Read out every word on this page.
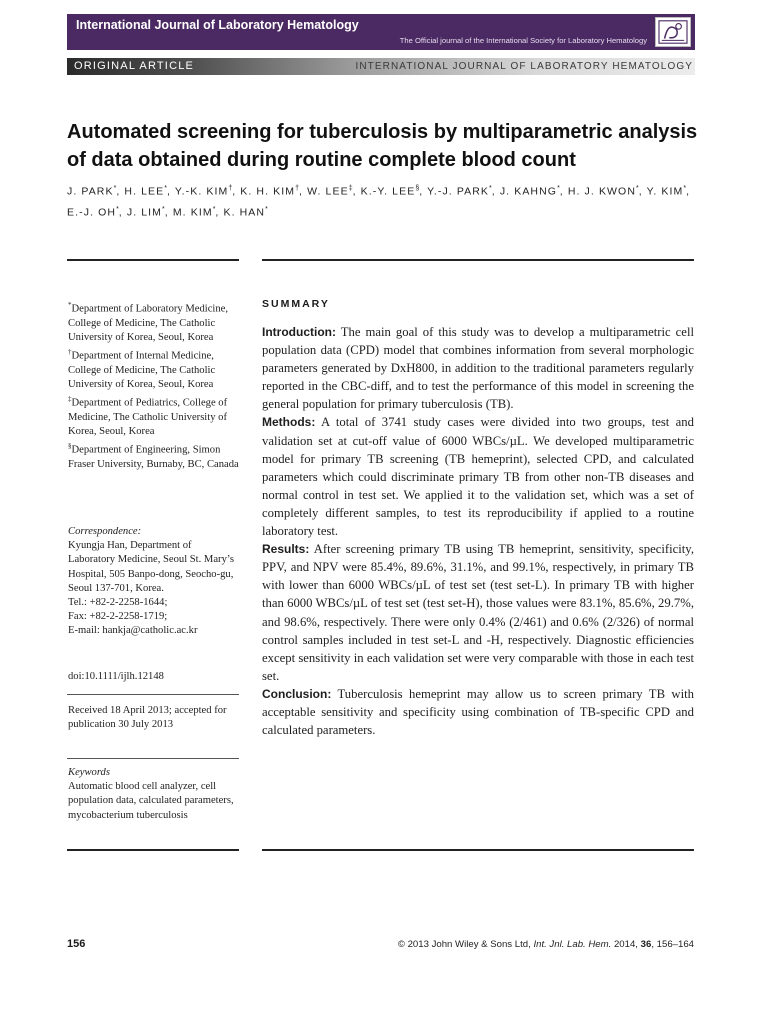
International Journal of Laboratory Hematology
The Official journal of the International Society for Laboratory Hematology
ORIGINAL ARTICLE	INTERNATIONAL JOURNAL OF LABORATORY HEMATOLOGY
Automated screening for tuberculosis by multiparametric analysis
of data obtained during routine complete blood count
J. PARK*, H. LEE*, Y.-K. KIM†, K. H. KIM†, W. LEE‡, K.-Y. LEE§, Y.-J. PARK*, J. KAHNG*, H. J. KWON*, Y. KIM*, E.-J. OH*, J. LIM*, M. KIM*, K. HAN*

*Department of Laboratory Medicine, College of Medicine, The Catholic University of Korea, Seoul, Korea

†Department of Internal Medicine, College of Medicine, The Catholic University of Korea, Seoul, Korea

‡Department of Pediatrics, College of Medicine, The Catholic University of Korea, Seoul, Korea

§Department of Engineering, Simon Fraser University, Burnaby, BC, Canada

Correspondence:

Kyungja Han, Department of Laboratory Medicine, Seoul St. Mary’s Hospital, 505 Banpo-dong, Seocho-gu, Seoul 137-701, Korea.

Tel.: +82-2-2258-1644;

Fax: +82-2-2258-1719;

E-mail: hankja@catholic.ac.kr

doi:10.1111/ijlh.12148

Received 18 April 2013; accepted for publication 30 July 2013

Keywords

Automatic blood cell analyzer, cell population data, calculated parameters, mycobacterium tuberculosis

SUMMARY

Introduction: The main goal of this study was to develop a multiparametric cell population data (CPD) model that combines information from several morphologic parameters generated by DxH800, in addition to the traditional parameters regularly reported in the CBC-diff, and to test the performance of this model in screening the general population for primary tuberculosis (TB).

Methods: A total of 3741 study cases were divided into two groups, test and validation set at cut-off value of 6000 WBCs/µL. We developed multiparametric model for primary TB screening (TB hemeprint), selected CPD, and calculated parameters which could discriminate primary TB from other non-TB diseases and normal control in test set. We applied it to the validation set, which was a set of completely different samples, to test its reproducibility if applied to a routine laboratory test.

Results: After screening primary TB using TB hemeprint, sensitivity, specificity, PPV, and NPV were 85.4%, 89.6%, 31.1%, and 99.1%, respectively, in primary TB with lower than 6000 WBCs/µL of test set (test set-L). In primary TB with higher than 6000 WBCs/µL of test set (test set-H), those values were 83.1%, 85.6%, 29.7%, and 98.6%, respectively. There were only 0.4% (2/461) and 0.6% (2/326) of normal control samples included in test set-L and -H, respectively. Diagnostic efficiencies except sensitivity in each validation set were very comparable with those in each test set.

Conclusion: Tuberculosis hemeprint may allow us to screen primary TB with acceptable sensitivity and specificity using combination of TB-specific CPD and calculated parameters.

156	© 2013 John Wiley & Sons Ltd, Int. Jnl. Lab. Hem. 2014, 36, 156–164
